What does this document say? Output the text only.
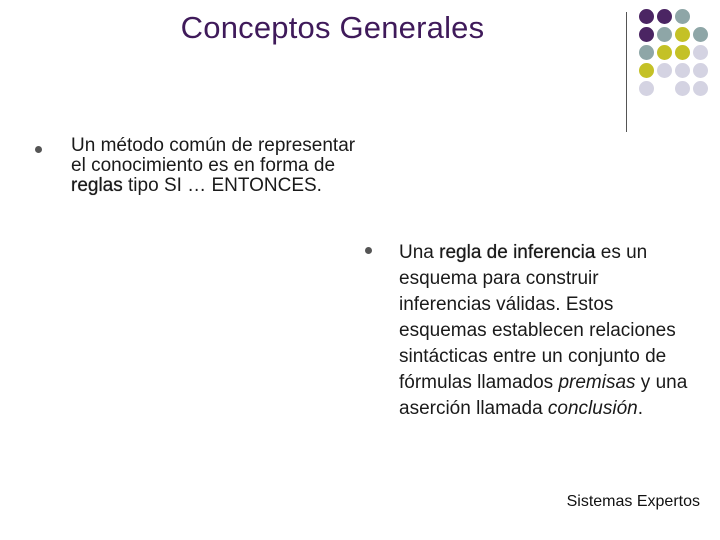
Conceptos Generales
Un método común de representar el conocimiento es en forma de reglas tipo SI … ENTONCES.
Una regla de inferencia es un esquema para construir inferencias válidas. Estos esquemas establecen relaciones sintácticas entre un conjunto de fórmulas llamados premisas y una aserción llamada conclusión.
Sistemas Expertos
